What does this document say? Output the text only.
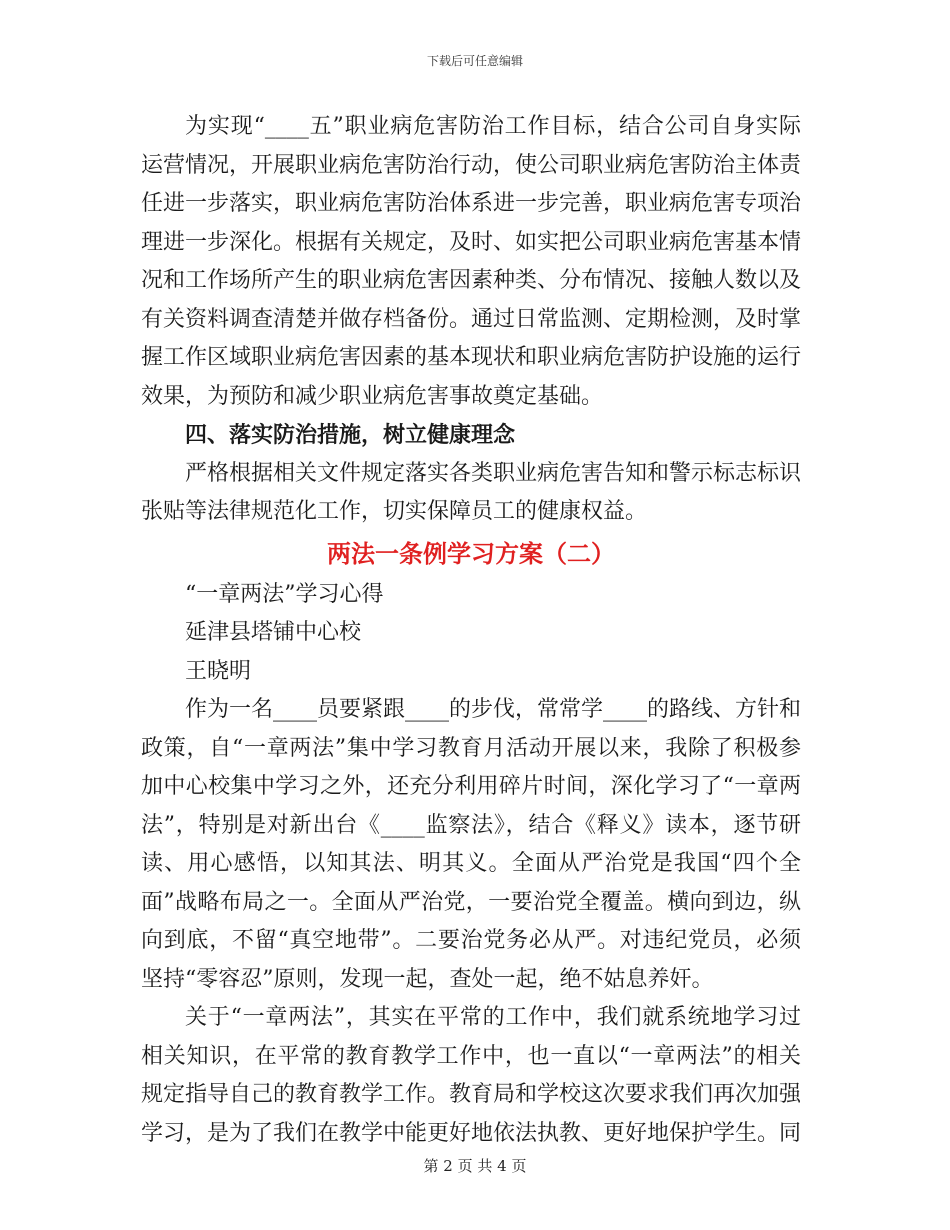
下载后可任意编辑

为实现“____五”职业病危害防治工作目标，结合公司自身实际运营情况，开展职业病危害防治行动，使公司职业病危害防治主体责任进一步落实，职业病危害防治体系进一步完善，职业病危害专项治理进一步深化。根据有关规定，及时、如实把公司职业病危害基本情况和工作场所产生的职业病危害因素种类、分布情况、接触人数以及有关资料调查清楚并做存档备份。通过日常监测、定期检测，及时掌握工作区域职业病危害因素的基本现状和职业病危害防护设施的运行效果，为预防和减少职业病危害事故奠定基础。

四、落实防治措施，树立健康理念

严格根据相关文件规定落实各类职业病危害告知和警示标志标识张贴等法律规范化工作，切实保障员工的健康权益。

两法一条例学习方案（二）

“一章两法”学习心得

延津县塔铺中心校

王晓明

作为一名____员要紧跟____的步伐，常常学____的路线、方针和政策，自“一章两法”集中学习教育月活动开展以来，我除了积极参加中心校集中学习之外，还充分利用碎片时间，深化学习了“一章两法”，特别是对新出台《____监察法》，结合《释义》读本，逐节研读、用心感悟，以知其法、明其义。全面从严治党是我国“四个全面”战略布局之一。全面从严治党，一要治党全覆盖。横向到边，纵向到底，不留“真空地带”。二要治党务必从严。对违纪党员，必须坚持“零容忍”原则，发现一起，查处一起，绝不姑息养奸。

关于“一章两法”，其实在平常的工作中，我们就系统地学习过相关知识，在平常的教育教学工作中，也一直以“一章两法”的相关规定指导自己的教育教学工作。教育局和学校这次要求我们再次加强学习，是为了我们在教学中能更好地依法执教、更好地保护学生。同

第 2 页 共 4 页
